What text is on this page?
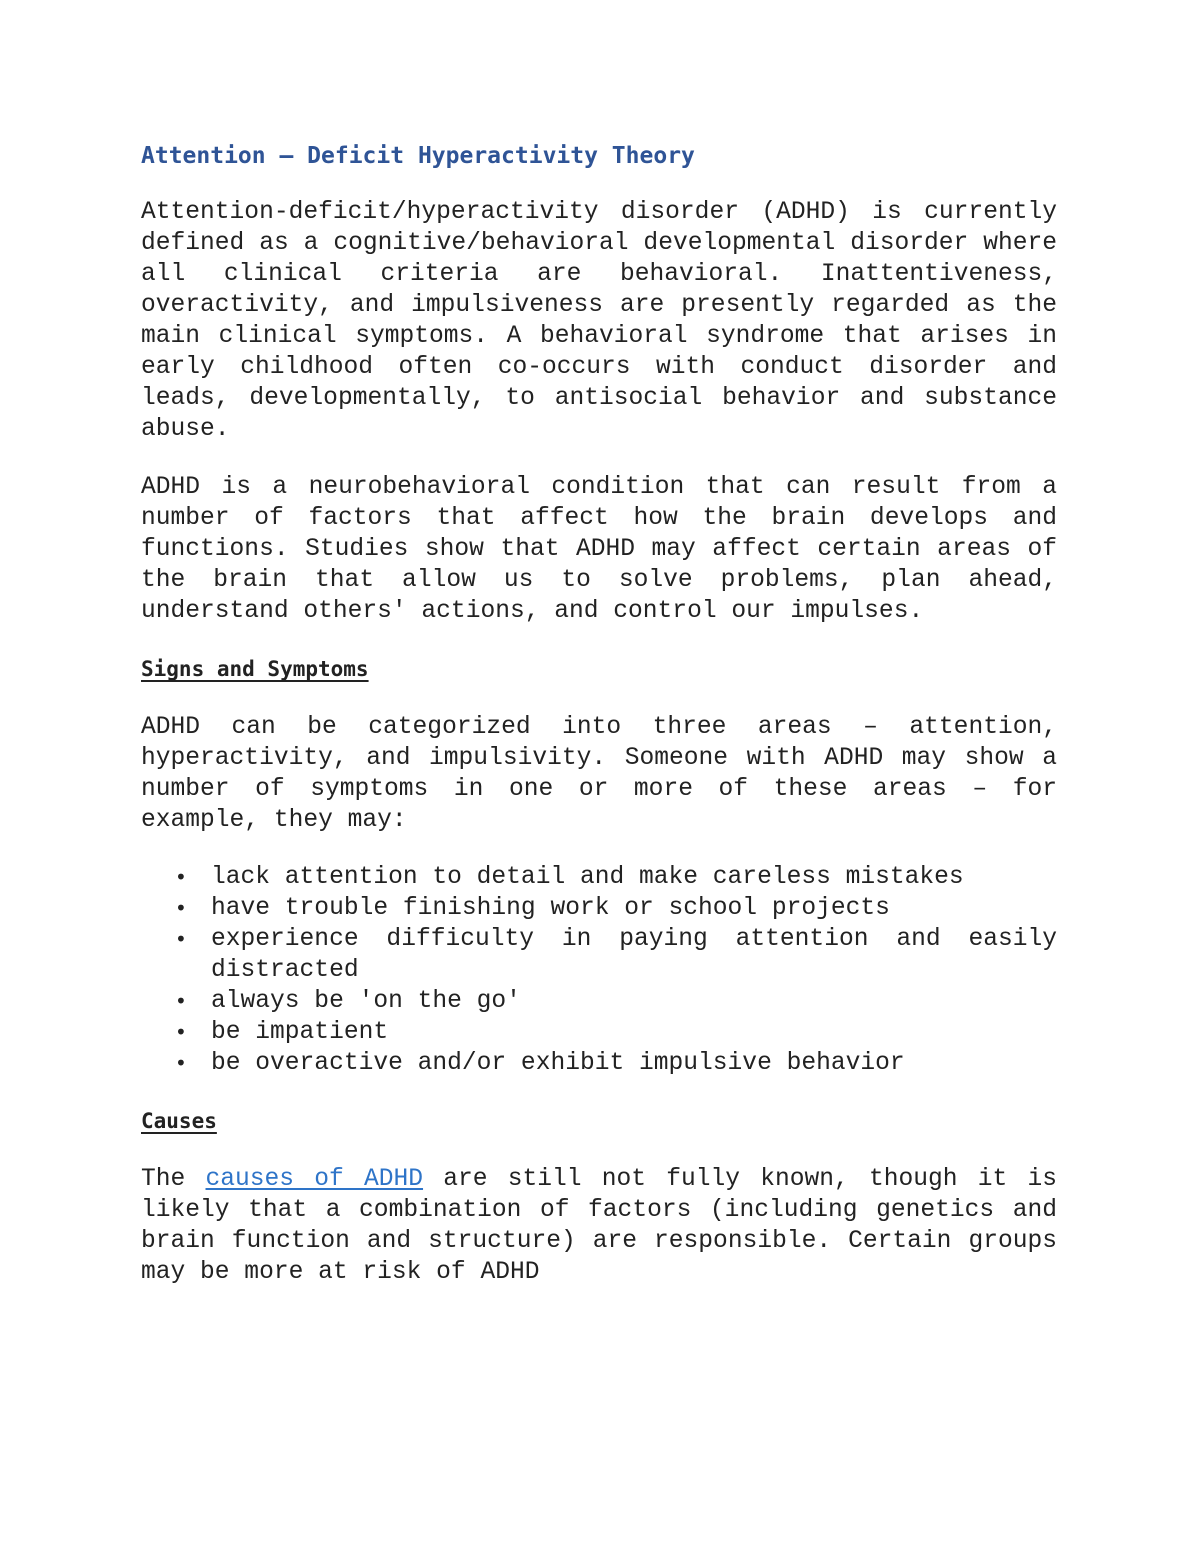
Attention – Deficit Hyperactivity Theory

Attention-deficit/hyperactivity disorder (ADHD) is currently defined as a cognitive/behavioral developmental disorder where all clinical criteria are behavioral. Inattentiveness, overactivity, and impulsiveness are presently regarded as the main clinical symptoms. A behavioral syndrome that arises in early childhood often co-occurs with conduct disorder and leads, developmentally, to antisocial behavior and substance abuse.

ADHD is a neurobehavioral condition that can result from a number of factors that affect how the brain develops and functions. Studies show that ADHD may affect certain areas of the brain that allow us to solve problems, plan ahead, understand others' actions, and control our impulses.

Signs and Symptoms

ADHD can be categorized into three areas – attention, hyperactivity, and impulsivity. Someone with ADHD may show a number of symptoms in one or more of these areas – for example, they may:

• lack attention to detail and make careless mistakes
• have trouble finishing work or school projects
• experience difficulty in paying attention and easily distracted
• always be 'on the go'
• be impatient
• be overactive and/or exhibit impulsive behavior
Causes

The causes of ADHD are still not fully known, though it is likely that a combination of factors (including genetics and brain function and structure) are responsible. Certain groups may be more at risk of ADHD
